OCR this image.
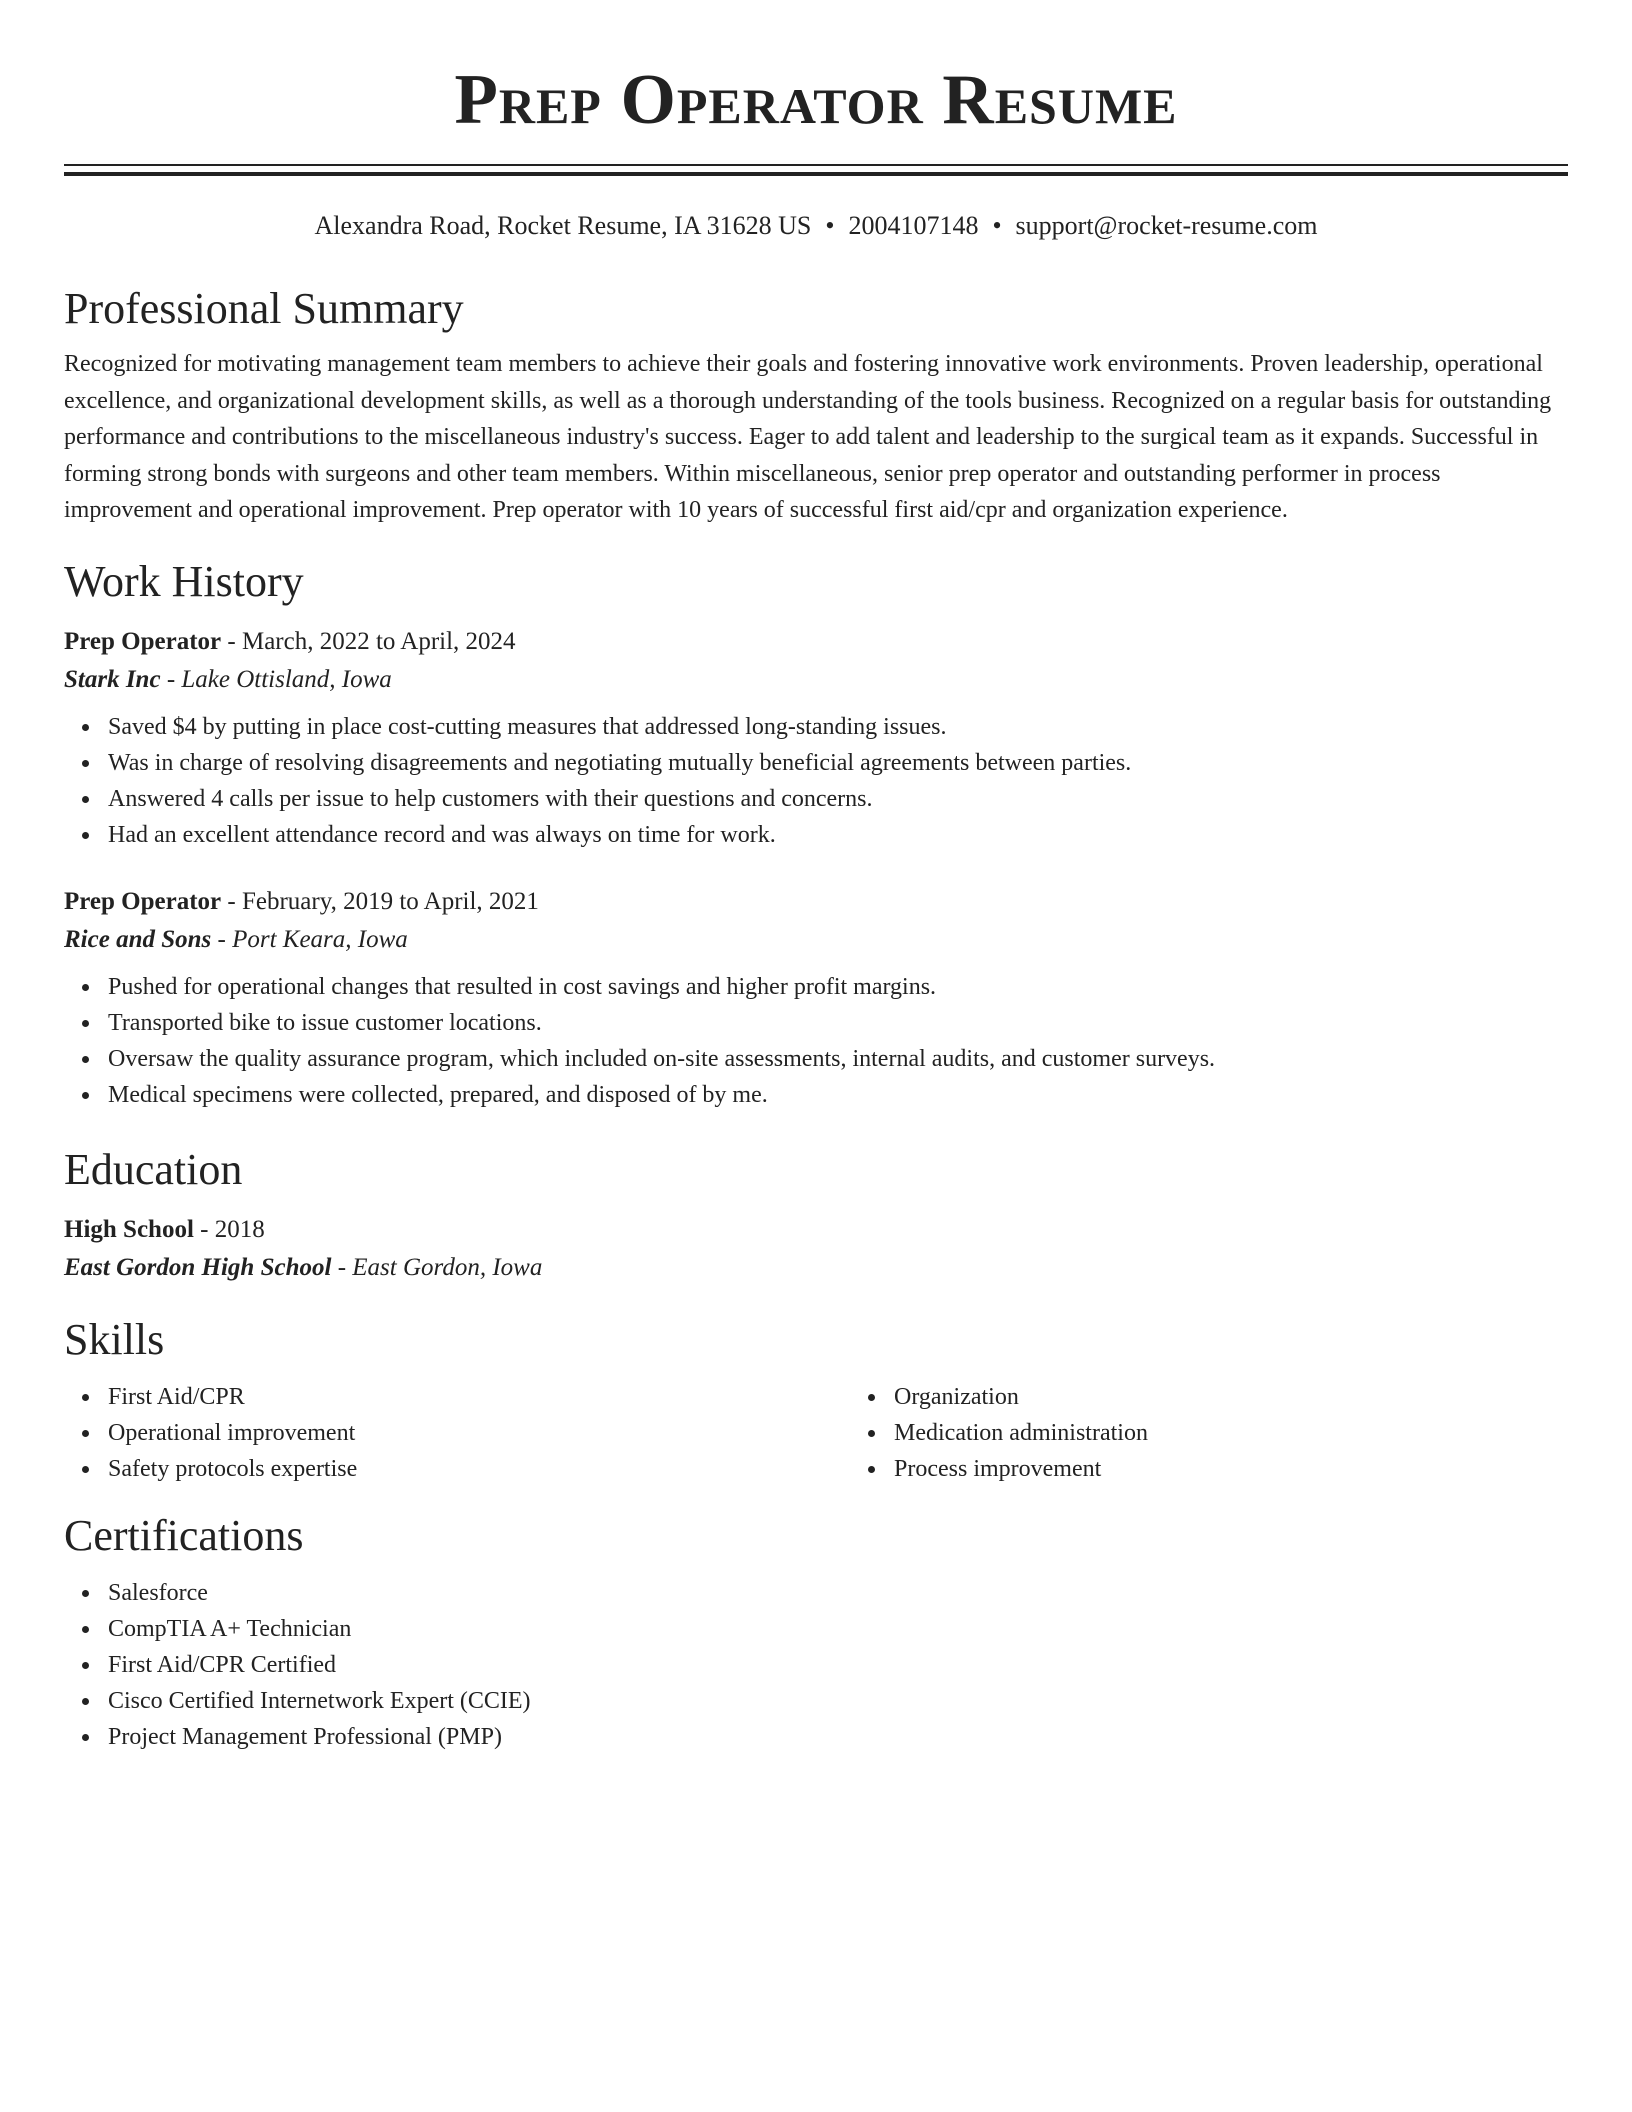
Prep Operator Resume
Alexandra Road, Rocket Resume, IA 31628 US • 2004107148 • support@rocket-resume.com
Professional Summary

Recognized for motivating management team members to achieve their goals and fostering innovative work environments. Proven leadership, operational excellence, and organizational development skills, as well as a thorough understanding of the tools business. Recognized on a regular basis for outstanding performance and contributions to the miscellaneous industry's success. Eager to add talent and leadership to the surgical team as it expands. Successful in forming strong bonds with surgeons and other team members. Within miscellaneous, senior prep operator and outstanding performer in process improvement and operational improvement. Prep operator with 10 years of successful first aid/cpr and organization experience.

Work History
Prep Operator - March, 2022 to April, 2024
Stark Inc - Lake Ottisland, Iowa
Saved $4 by putting in place cost-cutting measures that addressed long-standing issues.
Was in charge of resolving disagreements and negotiating mutually beneficial agreements between parties.
Answered 4 calls per issue to help customers with their questions and concerns.
Had an excellent attendance record and was always on time for work.
Prep Operator - February, 2019 to April, 2021
Rice and Sons - Port Keara, Iowa
Pushed for operational changes that resulted in cost savings and higher profit margins.
Transported bike to issue customer locations.
Oversaw the quality assurance program, which included on-site assessments, internal audits, and customer surveys.
Medical specimens were collected, prepared, and disposed of by me.
Education
High School - 2018
East Gordon High School - East Gordon, Iowa
Skills
First Aid/CPR
Operational improvement
Safety protocols expertise
Organization
Medication administration
Process improvement
Certifications
Salesforce
CompTIA A+ Technician
First Aid/CPR Certified
Cisco Certified Internetwork Expert (CCIE)
Project Management Professional (PMP)
